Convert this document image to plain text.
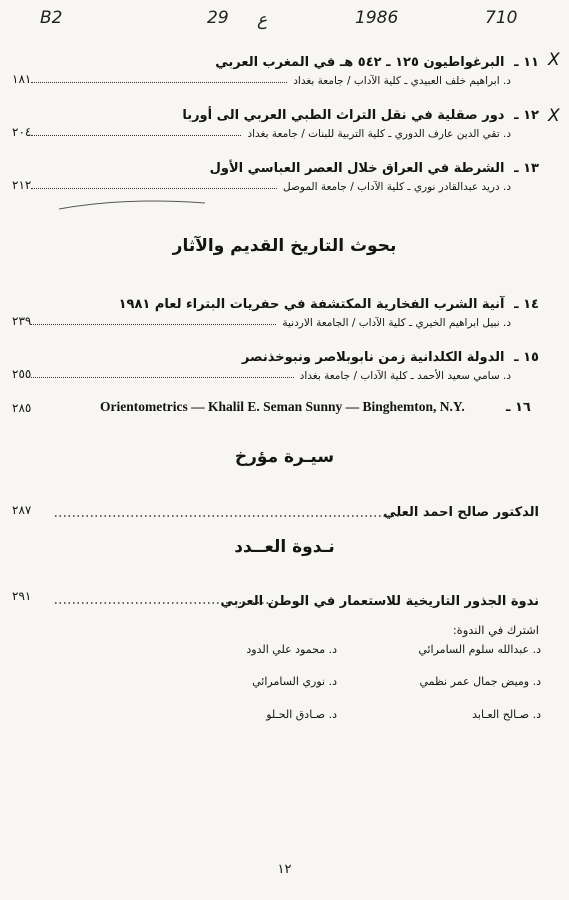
B2	29 ع	1986	710
X
X
١١ ـ البرغواطيون ١٢٥ ـ ٥٤٢ هـ في المغرب العربي
د. ابراهيم خلف العبيدي ـ كلية الآداب / جامعة بغداد
١٨١
١٢ ـ دور صقلية في نقل التراث الطبي العربي الى أوربا
د. تقي الدين عارف الدوري ـ كلية التربية للبنات / جامعة بغداد
٢٠٤
١٣ ـ الشرطة في العراق خلال العصر العباسي الأول
د. دريد عبدالقادر نوري ـ كلية الآداب / جامعة الموصل
٢١٢
بحوث التاريخ القديم والآثار
١٤ ـ آنية الشرب الفخارية المكتشفة في حفريات البتراء لعام ١٩٨١
د. نبيل ابراهيم الخيري ـ كلية الآداب / الجامعة الاردنية
٢٣٩
١٥ ـ الدولة الكلدانية زمن نابوبلاصر ونبوخذنصر
د. سامي سعيد الأحمد ـ كلية الآداب / جامعة بغداد
٢٥٥
Orientometrics — Khalil E. Seman Sunny — Binghemton, N.Y.	١٦ ـ
٢٨٥
سيـرة مؤرخ
الدكتور صالح احمد العلي
٢٨٧
نـدوة العــدد
ندوة الجذور التاريخية للاستعمار في الوطن العربي
٢٩١
اشترك في الندوة:
د. عبدالله سلوم السامرائي
د. محمود علي الدود
د. وميض جمال عمر نظمي
د. نوري السامرائي
د. صـالح العـابد
د. صـادق الحـلو
١٢
